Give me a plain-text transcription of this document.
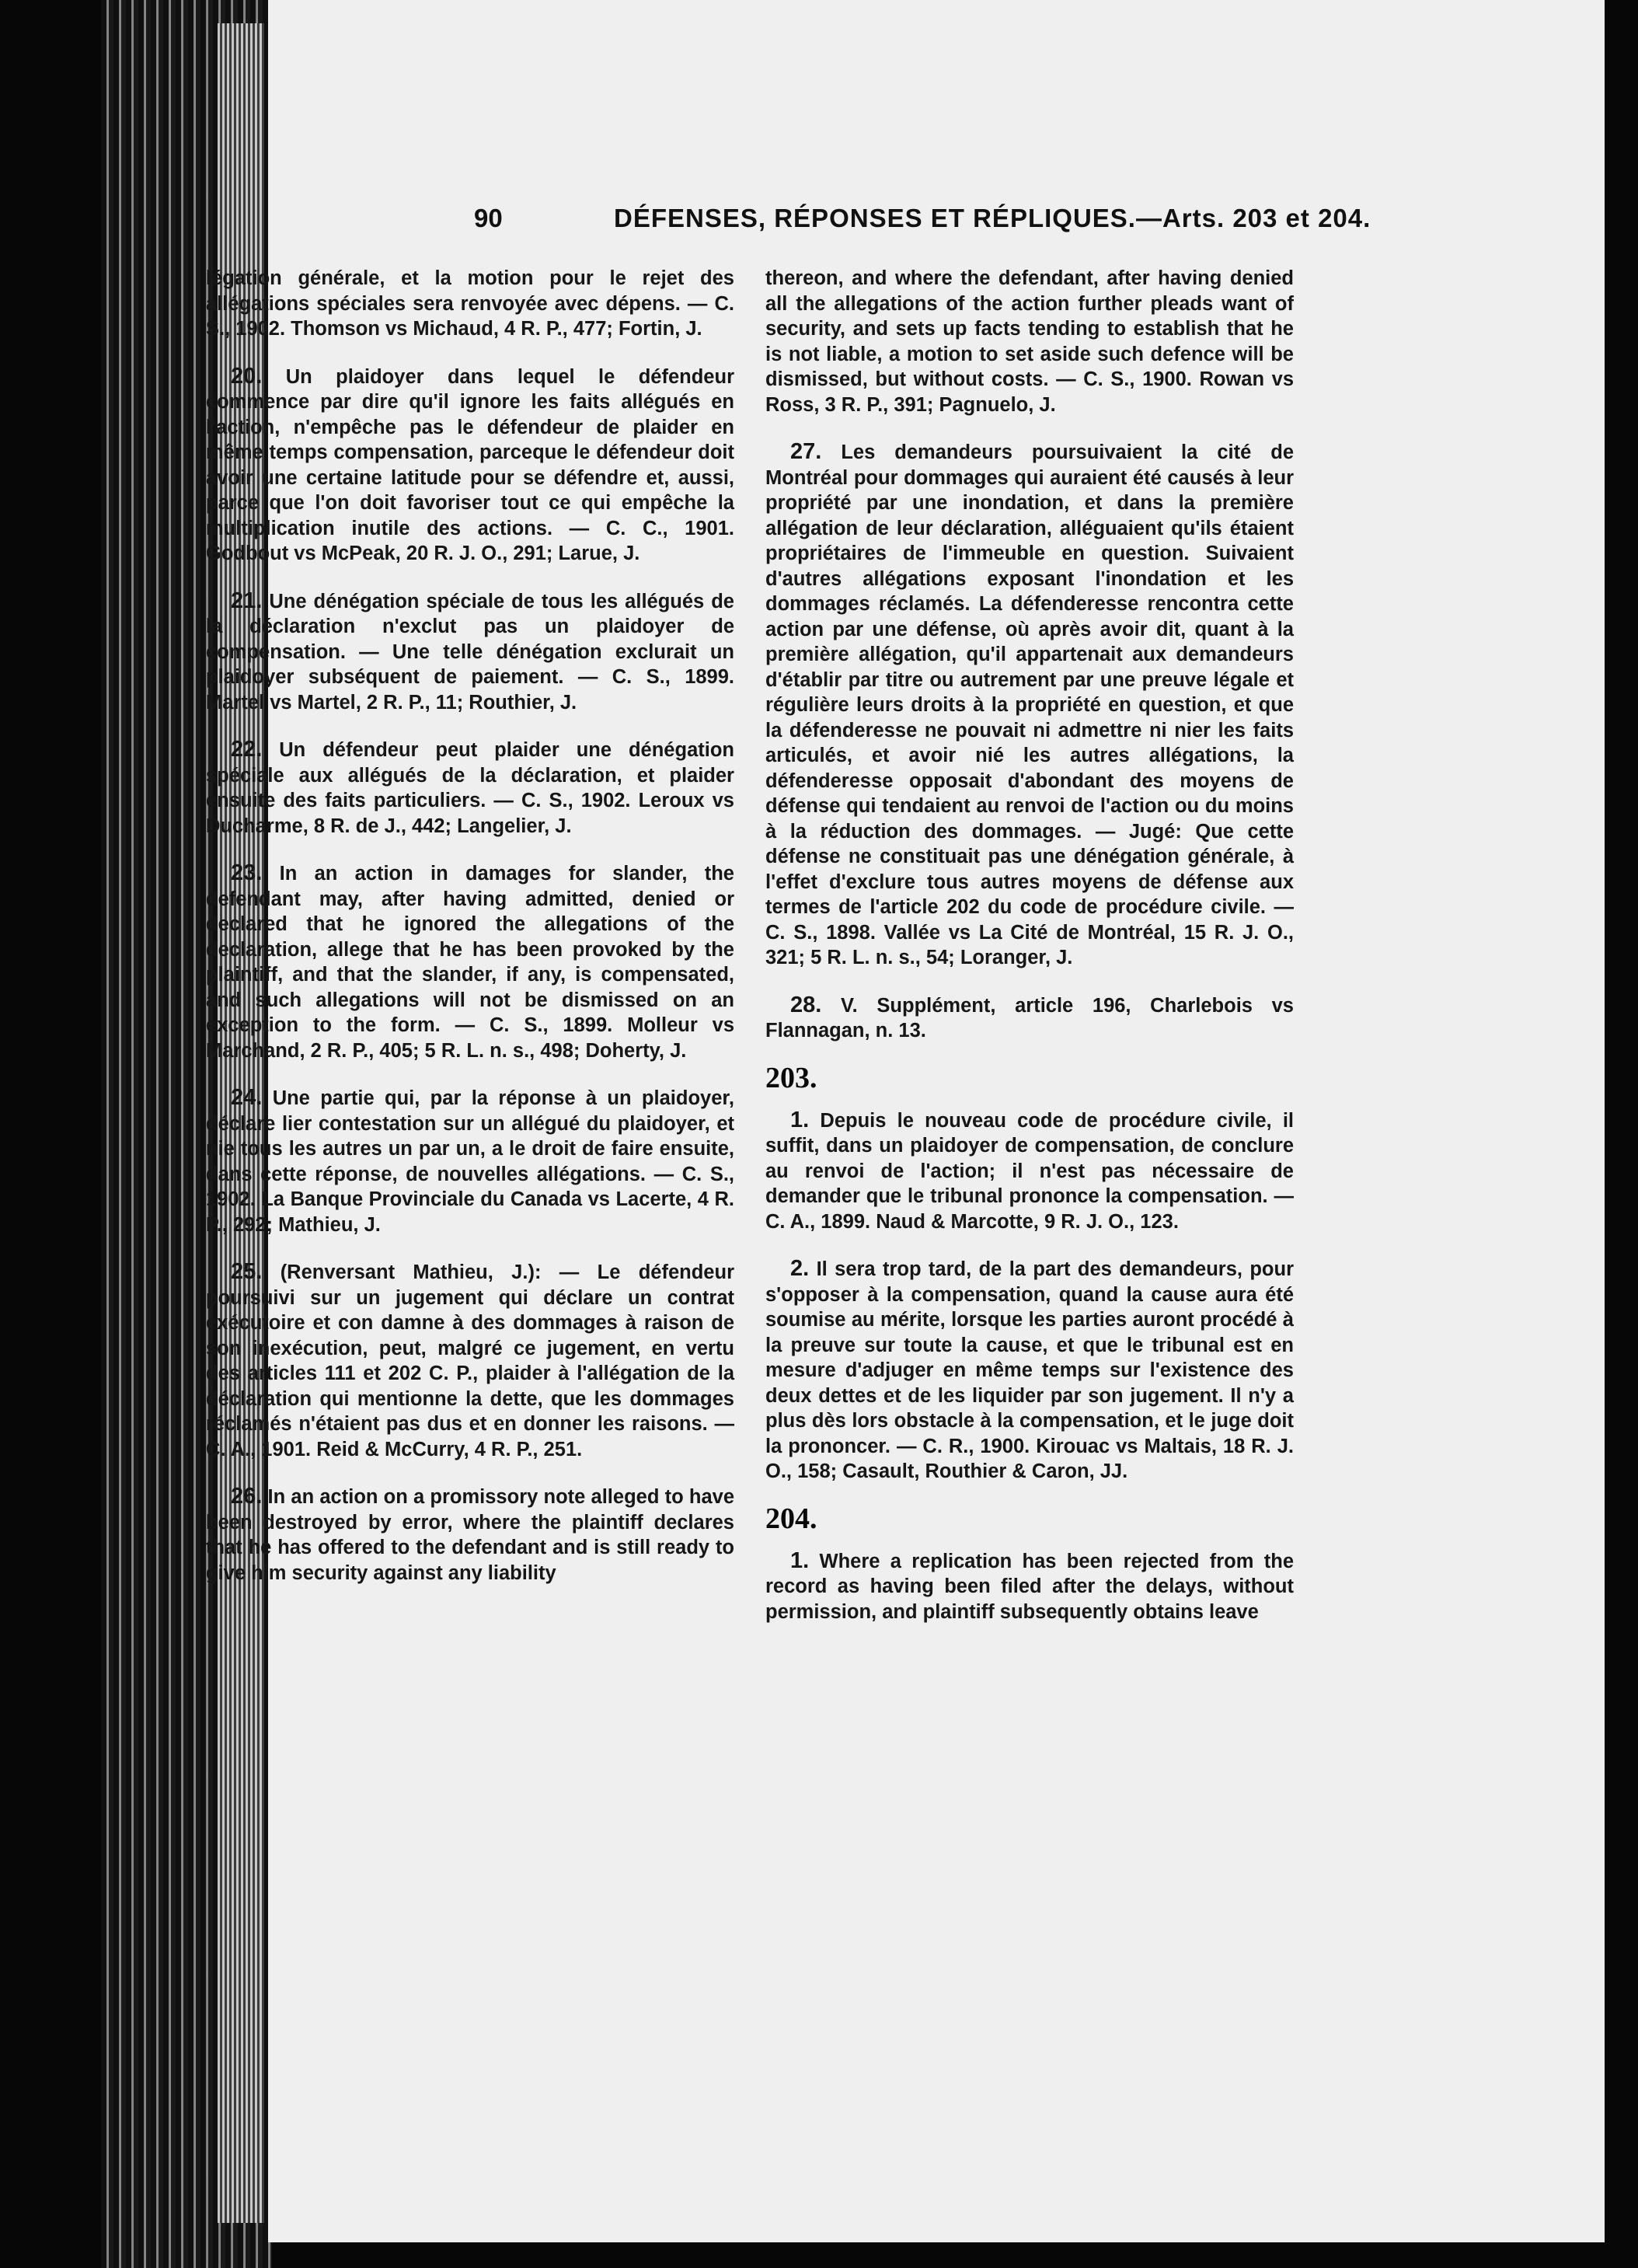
90	DÉFENSES, RÉPONSES ET RÉPLIQUES.—Arts. 203 et 204.

légation générale, et la motion pour le rejet des allégations spéciales sera renvoyée avec dépens. — C. S., 1902. Thomson vs Michaud, 4 R. P., 477; Fortin, J.

20. Un plaidoyer dans lequel le défendeur commence par dire qu'il ignore les faits allégués en l'action, n'empêche pas le défendeur de plaider en même temps compensation, parceque le défendeur doit avoir une certaine latitude pour se défendre et, aussi, parce que l'on doit favoriser tout ce qui empêche la multiplication inutile des actions. — C. C., 1901. Godbout vs McPeak, 20 R. J. O., 291; Larue, J.

21. Une dénégation spéciale de tous les allégués de la déclaration n'exclut pas un plaidoyer de compensation. — Une telle dénégation exclurait un plaidoyer subséquent de paiement. — C. S., 1899. Martel vs Martel, 2 R. P., 11; Routhier, J.

22. Un défendeur peut plaider une dénégation spéciale aux allégués de la déclaration, et plaider ensuite des faits particuliers. — C. S., 1902. Leroux vs Ducharme, 8 R. de J., 442; Langelier, J.

23. In an action in damages for slander, the defendant may, after having admitted, denied or declared that he ignored the allegations of the declaration, allege that he has been provoked by the plaintiff, and that the slander, if any, is compensated, and such allegations will not be dismissed on an exception to the form. — C. S., 1899. Molleur vs Marchand, 2 R. P., 405; 5 R. L. n. s., 498; Doherty, J.

24. Une partie qui, par la réponse à un plaidoyer, déclare lier contestation sur un allégué du plaidoyer, et nie tous les autres un par un, a le droit de faire ensuite, dans cette réponse, de nouvelles allégations. — C. S., 1902. La Banque Provinciale du Canada vs Lacerte, 4 R. P., 292; Mathieu, J.

25. (Renversant Mathieu, J.): — Le défendeur poursuivi sur un jugement qui déclare un contrat exécutoire et con damne à des dommages à raison de son inexécution, peut, malgré ce jugement, en vertu des articles 111 et 202 C. P., plaider à l'allégation de la déclaration qui mentionne la dette, que les dommages réclamés n'étaient pas dus et en donner les raisons. — C. A., 1901. Reid & McCurry, 4 R. P., 251.

26. In an action on a promissory note alleged to have been destroyed by error, where the plaintiff declares that he has offered to the defendant and is still ready to give him security against any liability

thereon, and where the defendant, after having denied all the allegations of the action further pleads want of security, and sets up facts tending to establish that he is not liable, a motion to set aside such defence will be dismissed, but without costs. — C. S., 1900. Rowan vs Ross, 3 R. P., 391; Pagnuelo, J.

27. Les demandeurs poursuivaient la cité de Montréal pour dommages qui auraient été causés à leur propriété par une inondation, et dans la première allégation de leur déclaration, alléguaient qu'ils étaient propriétaires de l'immeuble en question. Suivaient d'autres allégations exposant l'inondation et les dommages réclamés. La défenderesse rencontra cette action par une défense, où après avoir dit, quant à la première allégation, qu'il appartenait aux demandeurs d'établir par titre ou autrement par une preuve légale et régulière leurs droits à la propriété en question, et que la défenderesse ne pouvait ni admettre ni nier les faits articulés, et avoir nié les autres allégations, la défenderesse opposait d'abondant des moyens de défense qui tendaient au renvoi de l'action ou du moins à la réduction des dommages. — Jugé: Que cette défense ne constituait pas une dénégation générale, à l'effet d'exclure tous autres moyens de défense aux termes de l'article 202 du code de procédure civile. — C. S., 1898. Vallée vs La Cité de Montréal, 15 R. J. O., 321; 5 R. L. n. s., 54; Loranger, J.

28. V. Supplément, article 196, Charlebois vs Flannagan, n. 13.

203.

1. Depuis le nouveau code de procédure civile, il suffit, dans un plaidoyer de compensation, de conclure au renvoi de l'action; il n'est pas nécessaire de demander que le tribunal prononce la compensation. — C. A., 1899. Naud & Marcotte, 9 R. J. O., 123.

2. Il sera trop tard, de la part des demandeurs, pour s'opposer à la compensation, quand la cause aura été soumise au mérite, lorsque les parties auront procédé à la preuve sur toute la cause, et que le tribunal est en mesure d'adjuger en même temps sur l'existence des deux dettes et de les liquider par son jugement. Il n'y a plus dès lors obstacle à la compensation, et le juge doit la prononcer. — C. R., 1900. Kirouac vs Maltais, 18 R. J. O., 158; Casault, Routhier & Caron, JJ.

204.

1. Where a replication has been rejected from the record as having been filed after the delays, without permission, and plaintiff subsequently obtains leave
